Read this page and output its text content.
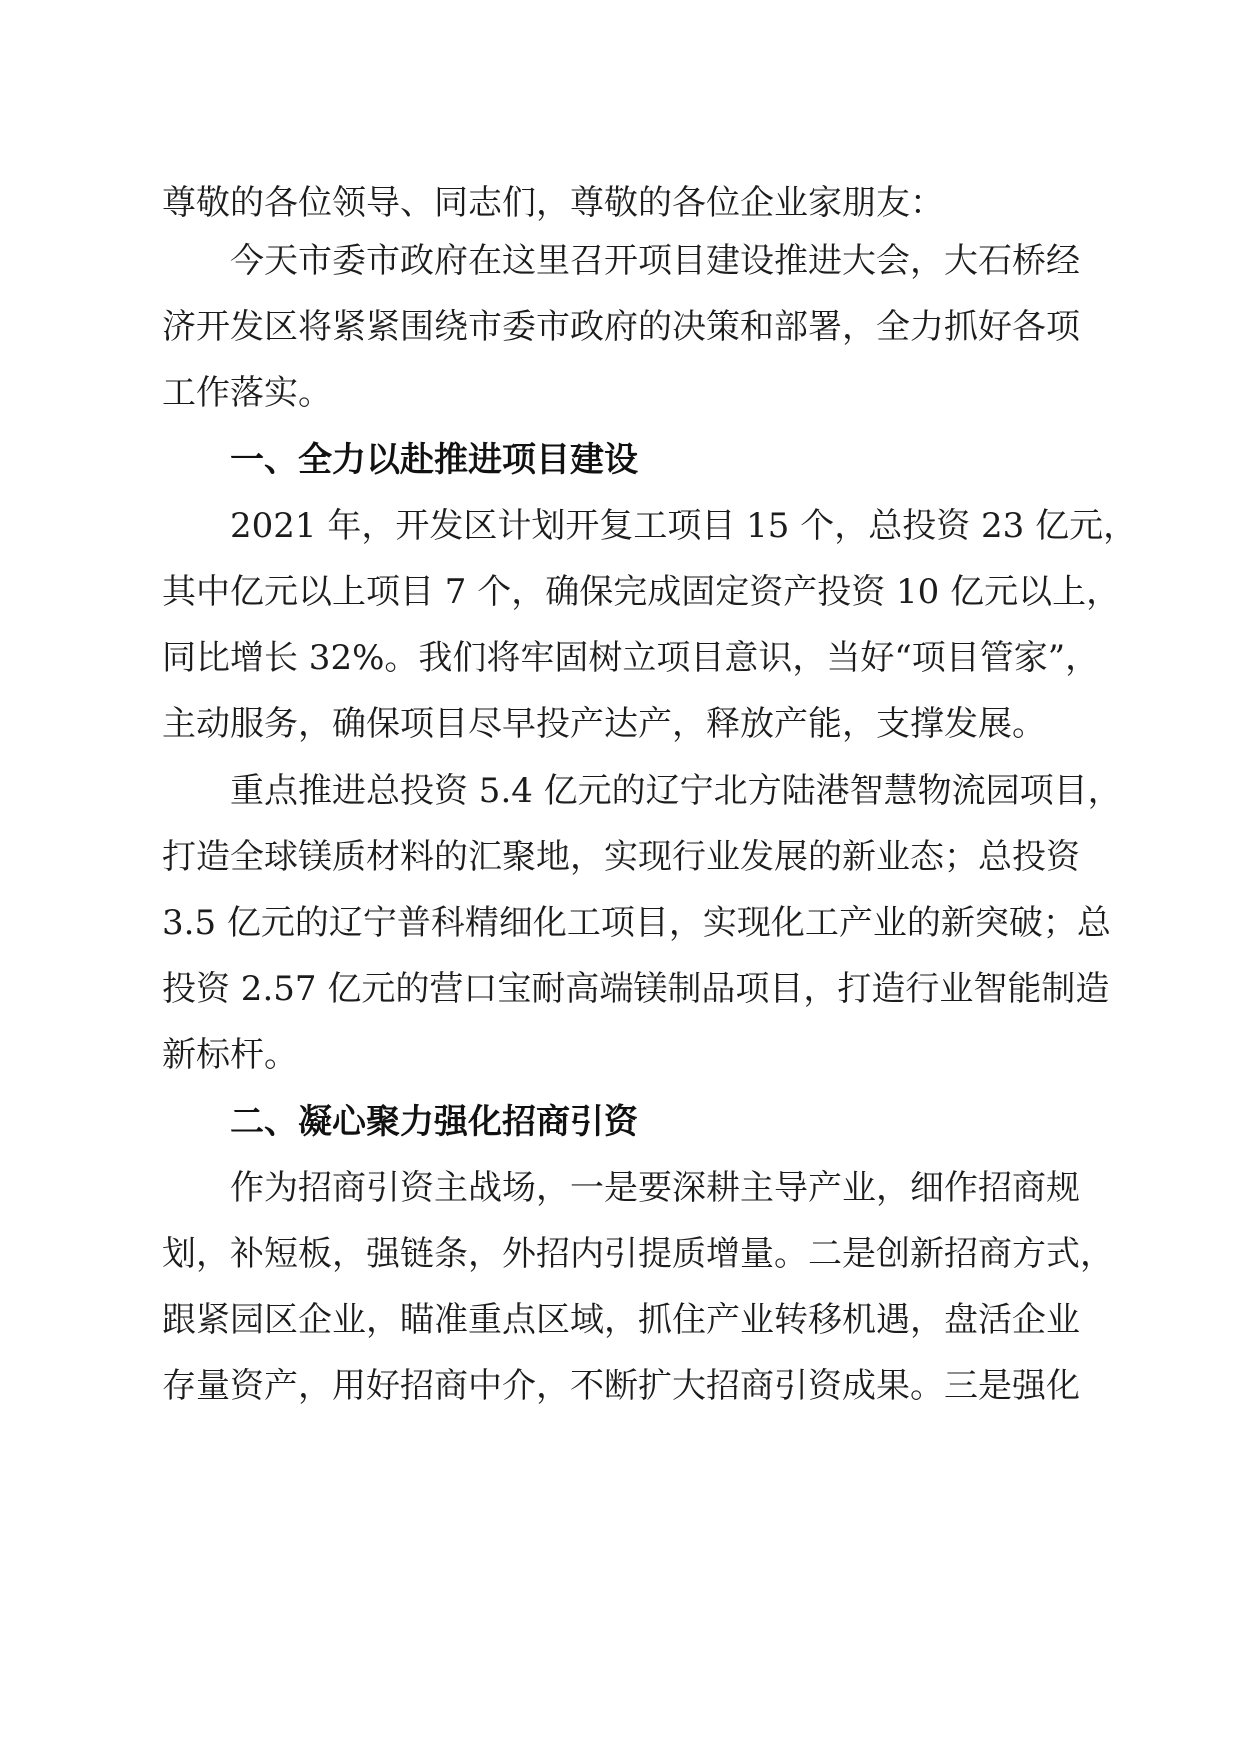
尊敬的各位领导、同志们，尊敬的各位企业家朋友：
今天市委市政府在这里召开项目建设推进大会，大石桥经
济开发区将紧紧围绕市委市政府的决策和部署，全力抓好各项
工作落实。
一、全力以赴推进项目建设
2021 年，开发区计划开复工项目 15 个，总投资 23 亿元，
其中亿元以上项目 7 个，确保完成固定资产投资 10 亿元以上，
同比增长 32%。我们将牢固树立项目意识，当好“项目管家”，
主动服务，确保项目尽早投产达产，释放产能，支撑发展。
重点推进总投资 5.4 亿元的辽宁北方陆港智慧物流园项目，
打造全球镁质材料的汇聚地，实现行业发展的新业态；总投资
3.5 亿元的辽宁普科精细化工项目，实现化工产业的新突破；总
投资 2.57 亿元的营口宝耐高端镁制品项目，打造行业智能制造
新标杆。
二、凝心聚力强化招商引资
作为招商引资主战场，一是要深耕主导产业，细作招商规
划，补短板，强链条，外招内引提质增量。二是创新招商方式，
跟紧园区企业，瞄准重点区域，抓住产业转移机遇，盘活企业
存量资产，用好招商中介，不断扩大招商引资成果。三是强化
